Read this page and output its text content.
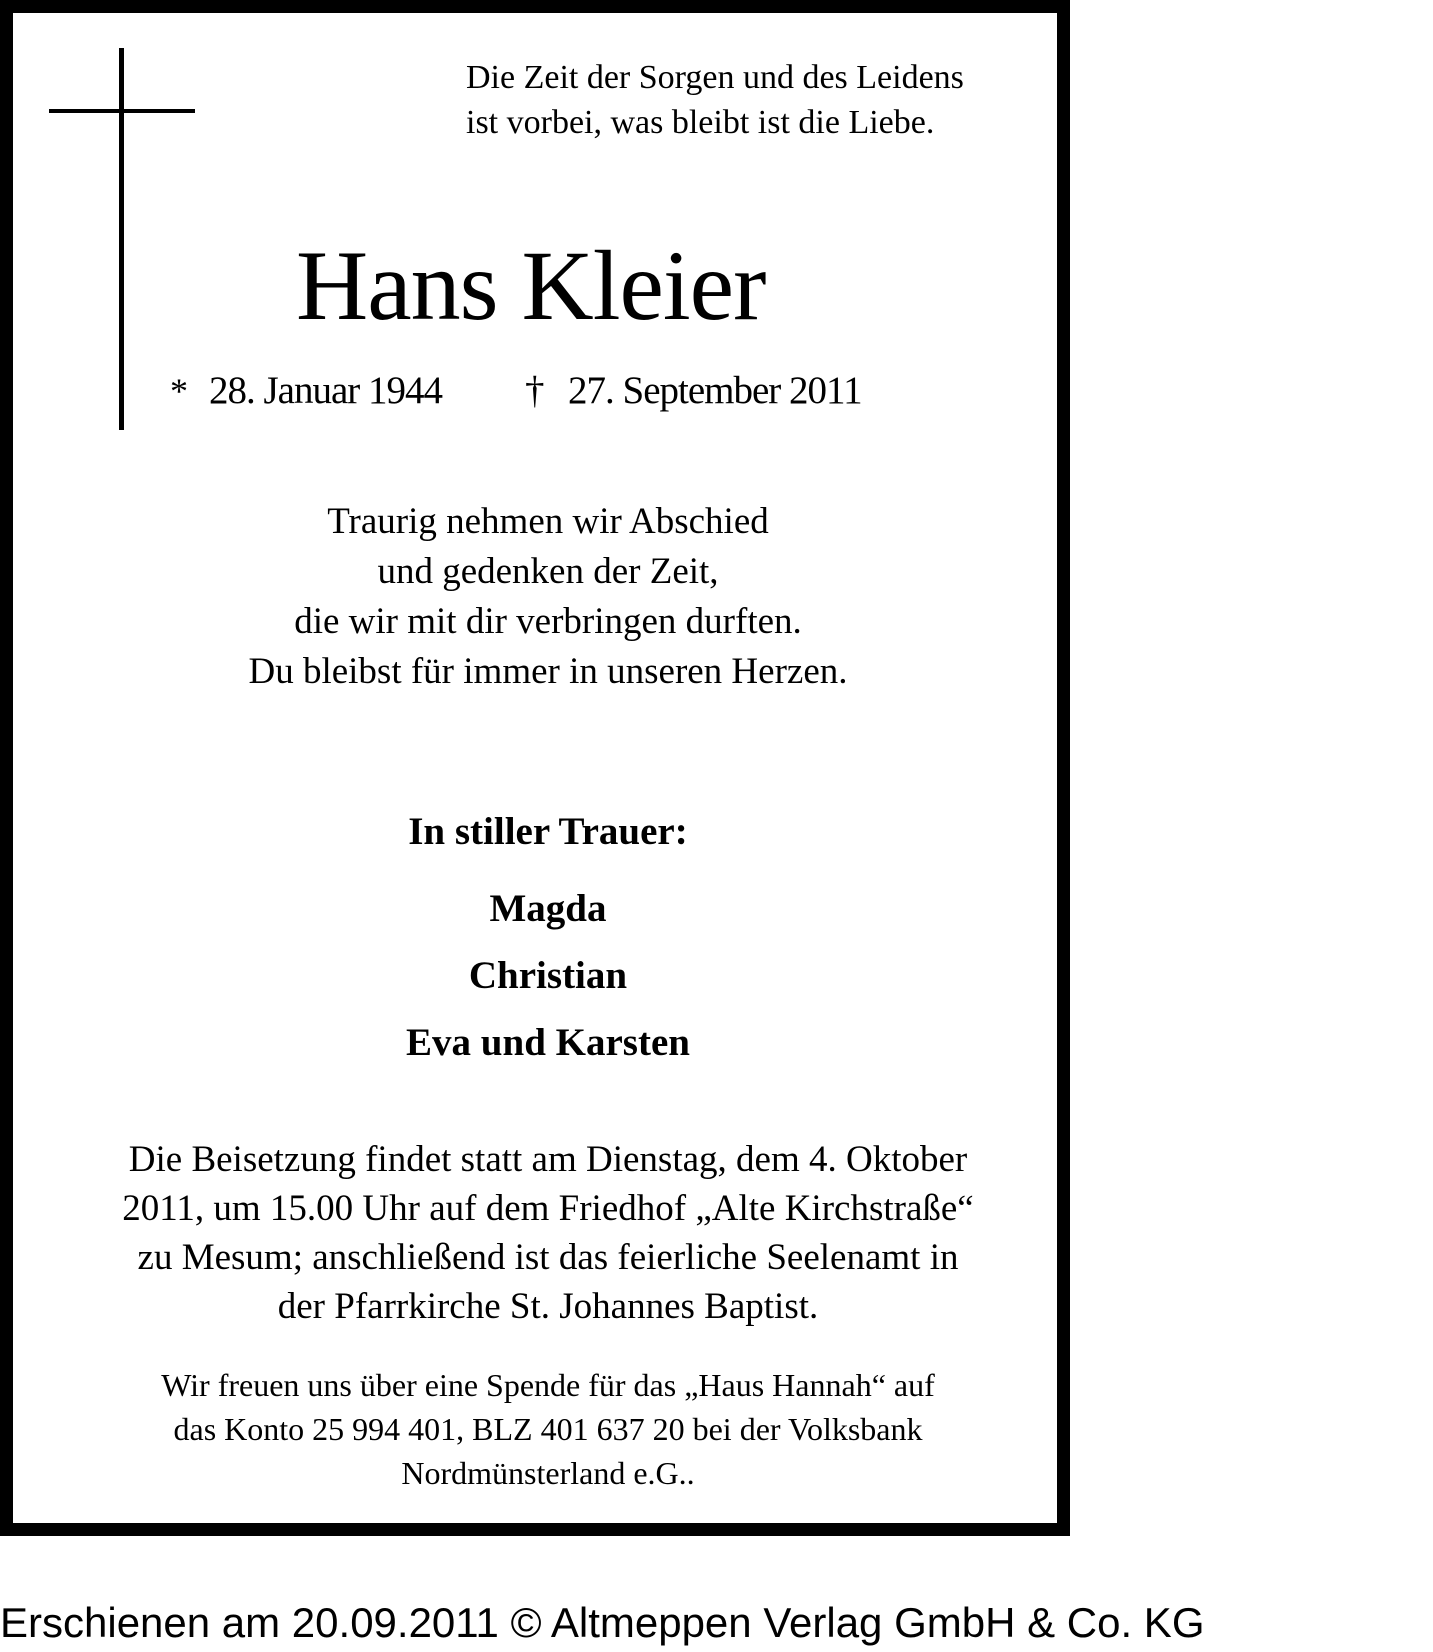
Die Zeit der Sorgen und des Leidens
ist vorbei, was bleibt ist die Liebe.
Hans Kleier
* 28. Januar 1944 † 27. September 2011
Traurig nehmen wir Abschied
und gedenken der Zeit,
die wir mit dir verbringen durften.
Du bleibst für immer in unseren Herzen.
In stiller Trauer:
Magda
Christian
Eva und Karsten
Die Beisetzung findet statt am Dienstag, dem 4. Oktober
2011, um 15.00 Uhr auf dem Friedhof „Alte Kirchstraße“
zu Mesum; anschließend ist das feierliche Seelenamt in
der Pfarrkirche St. Johannes Baptist.
Wir freuen uns über eine Spende für das „Haus Hannah“ auf
das Konto 25 994 401, BLZ 401 637 20 bei der Volksbank
Nordmünsterland e.G..
Erschienen am 20.09.2011 © Altmeppen Verlag GmbH & Co. KG
